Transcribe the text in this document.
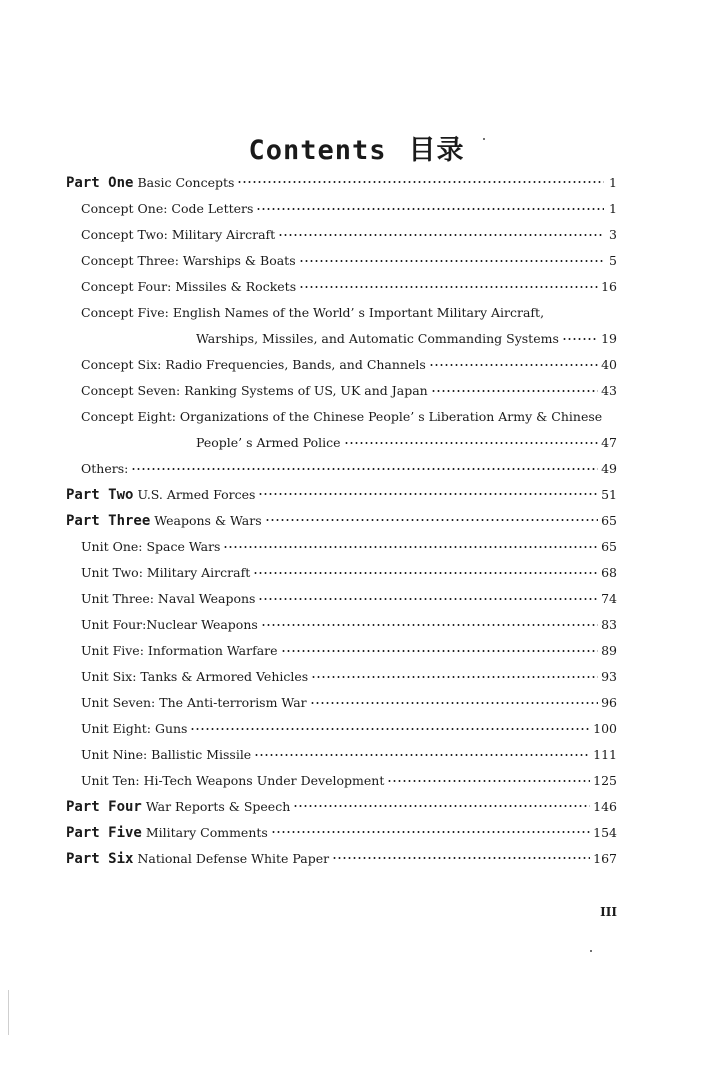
Contents 目录
Part One Basic Concepts	1
Concept One: Code Letters	1
Concept Two: Military Aircraft	3
Concept Three: Warships & Boats	5
Concept Four: Missiles & Rockets	16
Concept Five: English Names of the World’ s Important Military Aircraft,
Warships, Missiles, and Automatic Commanding Systems	19
Concept Six: Radio Frequencies, Bands, and Channels	40
Concept Seven: Ranking Systems of US, UK and Japan	43
Concept Eight: Organizations of the Chinese People’ s Liberation Army & Chinese
People’ s Armed Police	47
Others:	49
Part Two U.S. Armed Forces	51
Part Three Weapons & Wars	65
Unit One: Space Wars	65
Unit Two: Military Aircraft	68
Unit Three: Naval Weapons	74
Unit Four:Nuclear Weapons	83
Unit Five: Information Warfare	89
Unit Six: Tanks & Armored Vehicles	93
Unit Seven: The Anti-terrorism War	96
Unit Eight: Guns	100
Unit Nine: Ballistic Missile	111
Unit Ten: Hi-Tech Weapons Under Development	125
Part Four War Reports & Speech	146
Part Five Military Comments	154
Part Six National Defense White Paper	167
III
